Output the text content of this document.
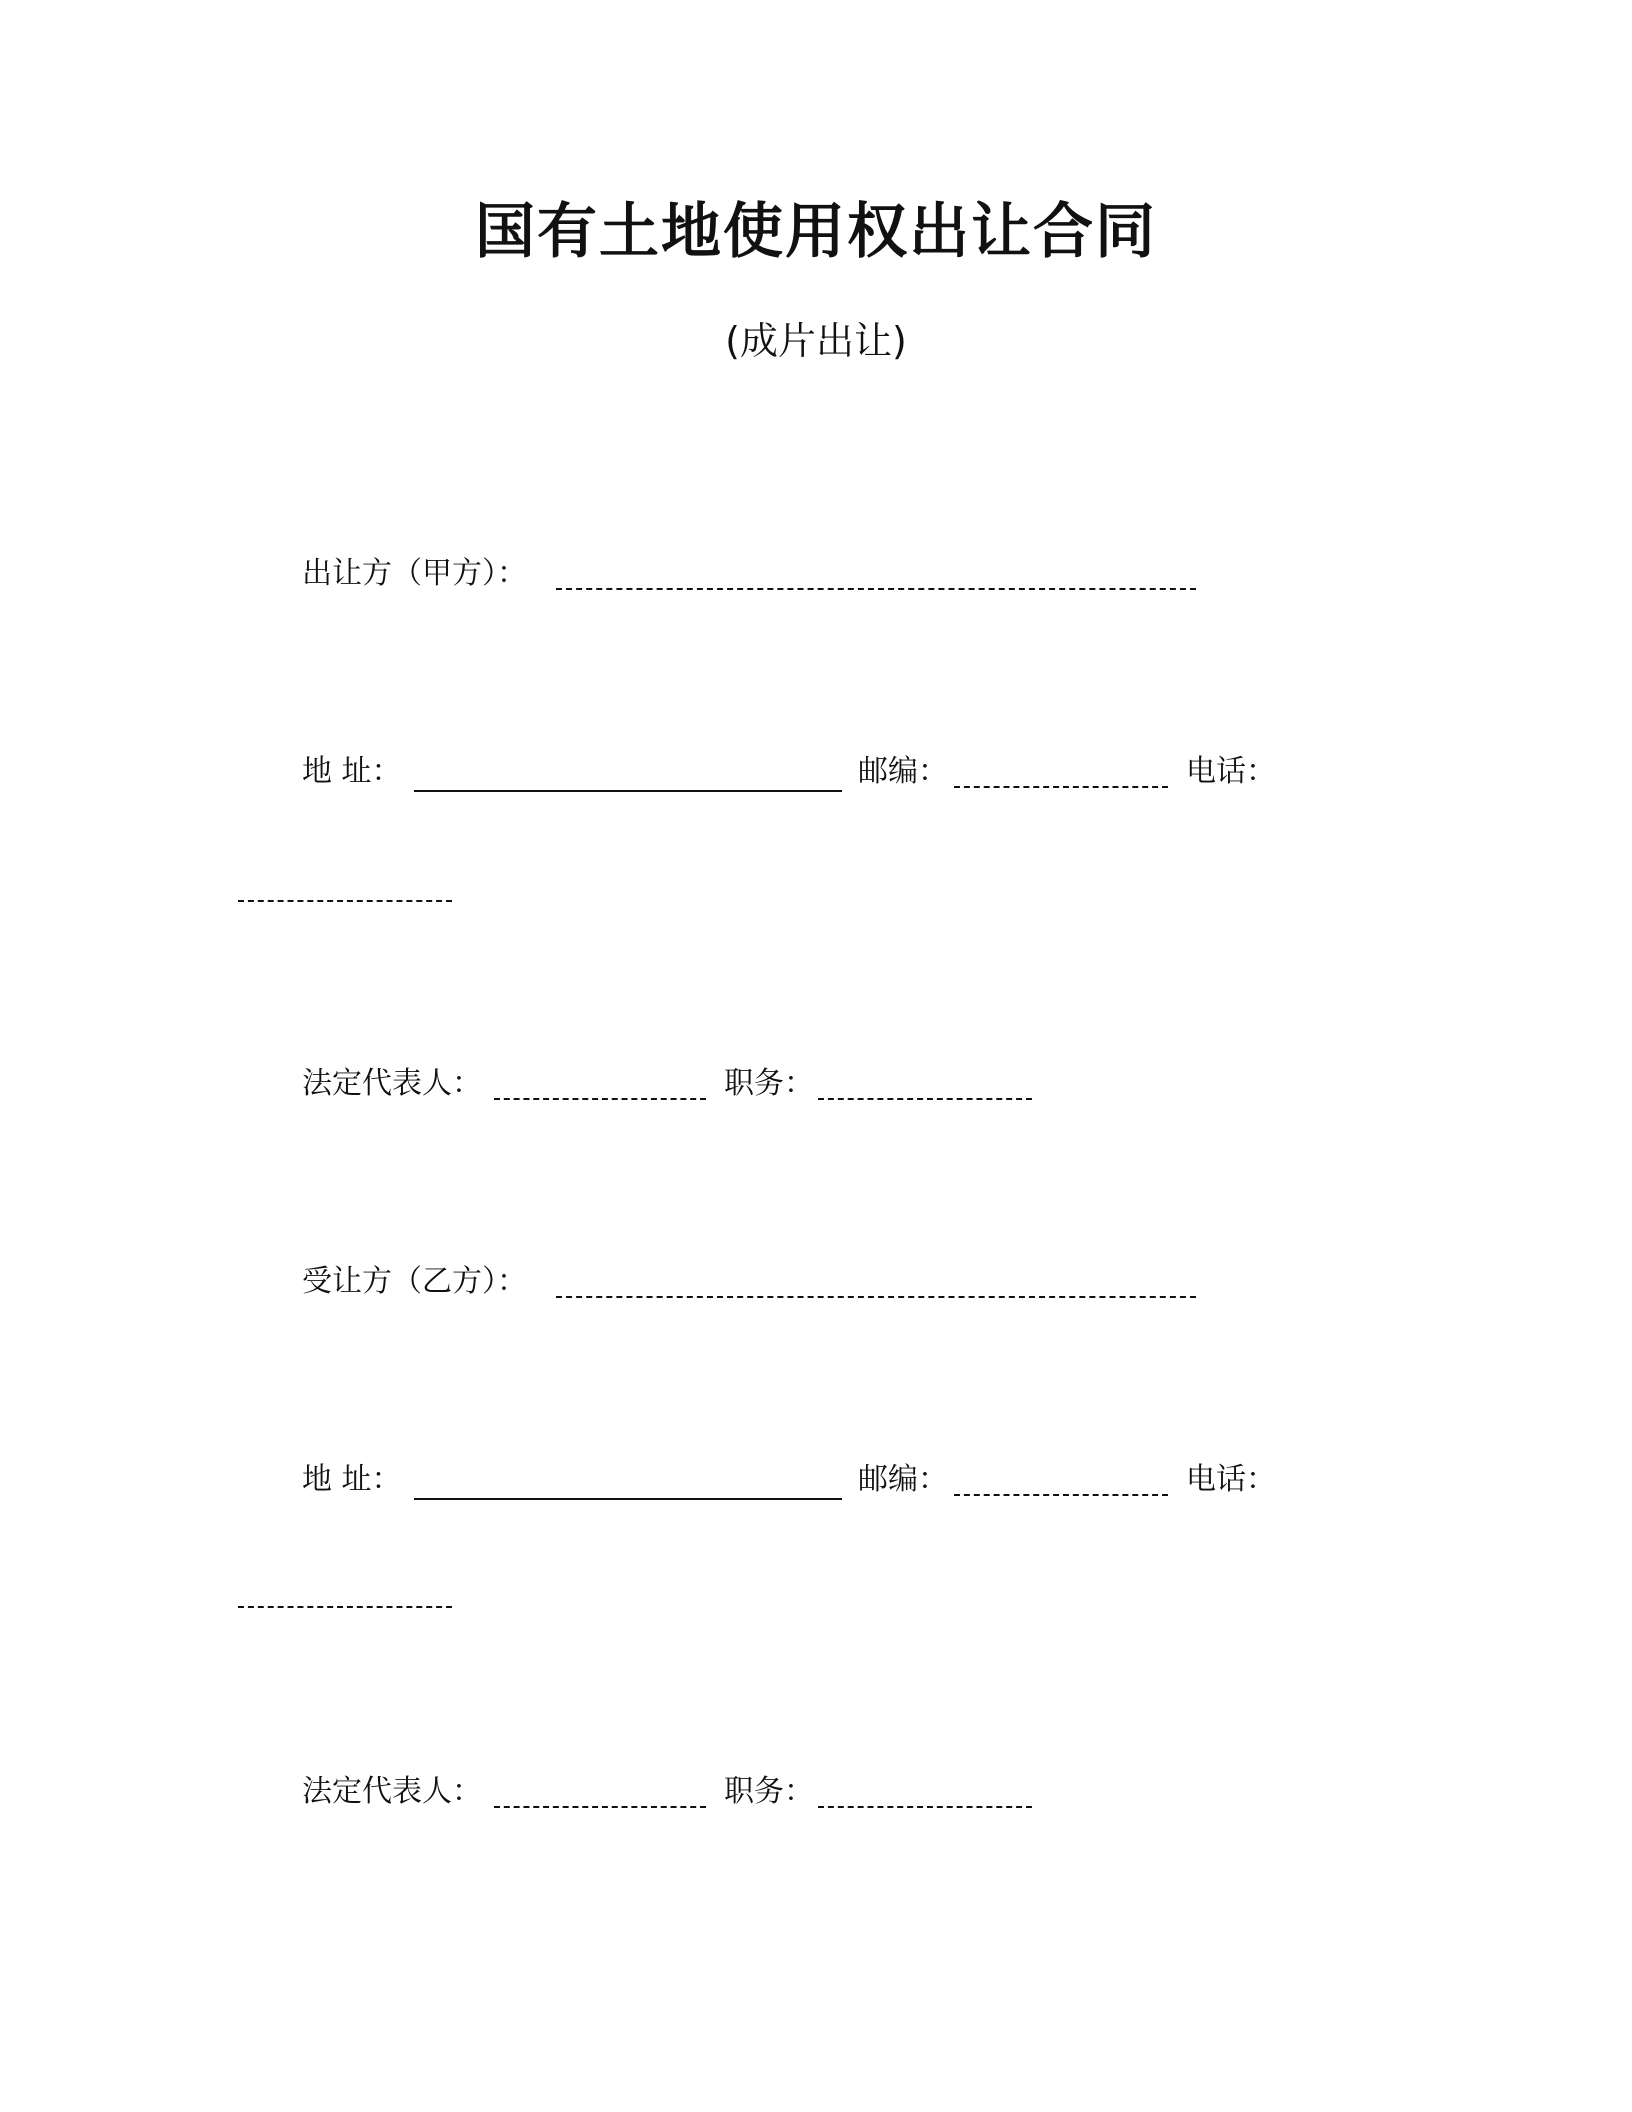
国有土地使用权出让合同
(成片出让)
出让方（甲方）：
地 址：	邮编：	电话：
法定代表人：	职务：
受让方（乙方）：
地 址：	邮编：	电话：
法定代表人：	职务：
